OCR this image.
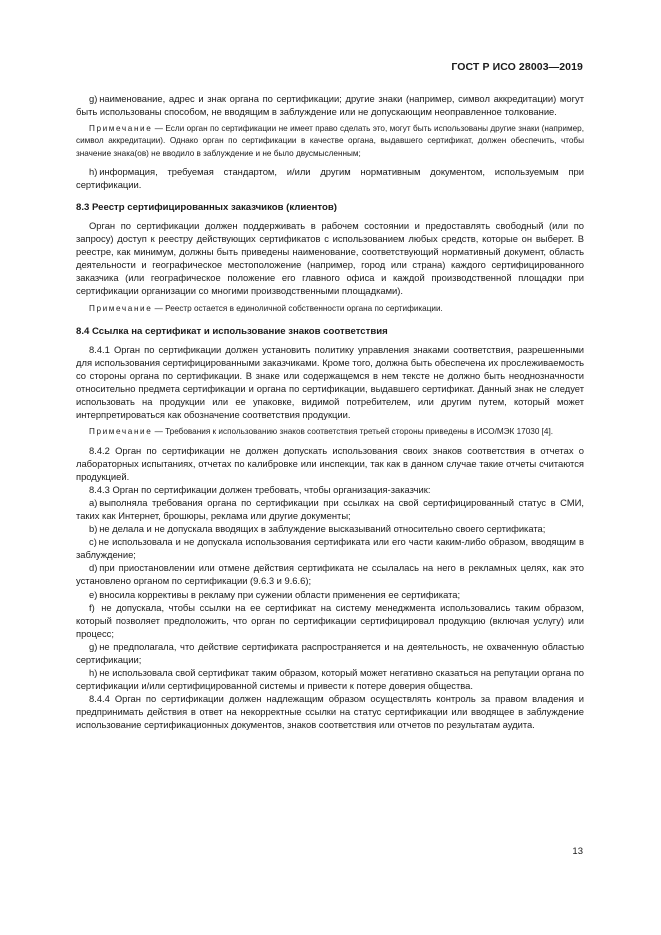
ГОСТ Р ИСО 28003—2019

g) наименование, адрес и знак органа по сертификации; другие знаки (например, символ аккредитации) могут быть использованы способом, не вводящим в заблуждение или не допускающим неоправленное толкование.

Примечание — Если орган по сертификации не имеет право сделать это, могут быть использованы другие знаки (например, символ аккредитации). Однако орган по сертификации в качестве органа, выдавшего сертификат, должен обеспечить, чтобы значение знака(ов) не вводило в заблуждение и не было двусмысленным;

h) информация, требуемая стандартом, и/или другим нормативным документом, используемым при сертификации.

8.3 Реестр сертифицированных заказчиков (клиентов)

Орган по сертификации должен поддерживать в рабочем состоянии и предоставлять свободный (или по запросу) доступ к реестру действующих сертификатов с использованием любых средств, которые он выберет. В реестре, как минимум, должны быть приведены наименование, соответствующий нормативный документ, область деятельности и географическое местоположение (например, город или страна) каждого сертифицированного заказчика (или географическое положение его главного офиса и каждой производственной площадки при сертификации организации со многими производственными площадками).

Примечание — Реестр остается в единоличной собственности органа по сертификации.

8.4 Ссылка на сертификат и использование знаков соответствия

8.4.1 Орган по сертификации должен установить политику управления знаками соответствия, разрешенными для использования сертифицированными заказчиками. Кроме того, должна быть обеспечена их прослеживаемость со стороны органа по сертификации. В знаке или содержащемся в нем тексте не должно быть неоднозначности относительно предмета сертификации и органа по сертификации, выдавшего сертификат. Данный знак не следует использовать на продукции или ее упаковке, видимой потребителем, или другим путем, который может интерпретироваться как обозначение соответствия продукции.

Примечание — Требования к использованию знаков соответствия третьей стороны приведены в ИСО/МЭК 17030 [4].

8.4.2 Орган по сертификации не должен допускать использования своих знаков соответствия в отчетах о лабораторных испытаниях, отчетах по калибровке или инспекции, так как в данном случае такие отчеты считаются продукцией.

8.4.3 Орган по сертификации должен требовать, чтобы организация-заказчик:

a) выполняла требования органа по сертификации при ссылках на свой сертифицированный статус в СМИ, таких как Интернет, брошюры, реклама или другие документы;

b) не делала и не допускала вводящих в заблуждение высказываний относительно своего сертификата;

c) не использовала и не допускала использования сертификата или его части каким-либо образом, вводящим в заблуждение;

d) при приостановлении или отмене действия сертификата не ссылалась на него в рекламных целях, как это установлено органом по сертификации (9.6.3 и 9.6.6);

e) вносила коррективы в рекламу при сужении области применения ее сертификата;

f)  не допускала, чтобы ссылки на ее сертификат на систему менеджмента использовались таким образом, который позволяет предположить, что орган по сертификации сертифицировал продукцию (включая услугу) или процесс;

g) не предполагала, что действие сертификата распространяется и на деятельность, не охваченную областью сертификации;

h) не использовала свой сертификат таким образом, который может негативно сказаться на репутации органа по сертификации и/или сертифицированной системы и привести к потере доверия общества.

8.4.4 Орган по сертификации должен надлежащим образом осуществлять контроль за правом владения и предпринимать действия в ответ на некорректные ссылки на статус сертификации или вводящее в заблуждение использование сертификационных документов, знаков соответствия или отчетов по результатам аудита.

13
